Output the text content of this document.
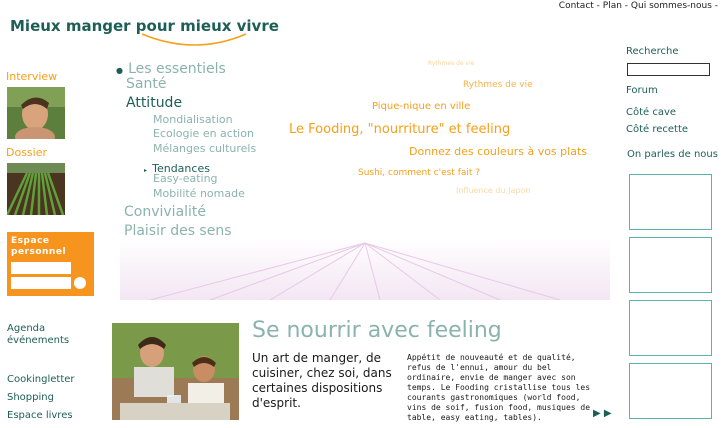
Contact - Plan - Qui sommes-nous -
Mieux manger pour mieux vivre
Interview
Dossier
Espace
personnel
Agenda
événements
Cookingletter
Shopping
Espace livres
● Les essentiels
Santé
Attitude
Mondialisation
Ecologie en action
Mélanges culturels
▸ Tendances
Easy-eating
Mobilité nomade
Convivialité
Plaisir des sens
Rythmes de vie
Rythmes de vie
Pique-nique en ville
Le Fooding, "nourriture" et feeling
Donnez des couleurs à vos plats
Sushi, comment c'est fait ?
Influence du Japon
Recherche
Forum
Côté cave
Côté recette
On parles de nous
Se nourrir avec feeling
Un art de manger, de cuisiner, chez soi, dans certaines dispositions d'esprit.
Appétit de nouveauté et de qualité, refus de l'ennui, amour du bel ordinaire, envie de manger avec son temps. Le Fooding cristallise tous les courants gastronomiques (world food, vins de soif, fusion food, musiques de table, easy eating, tables).	▶ ▶
